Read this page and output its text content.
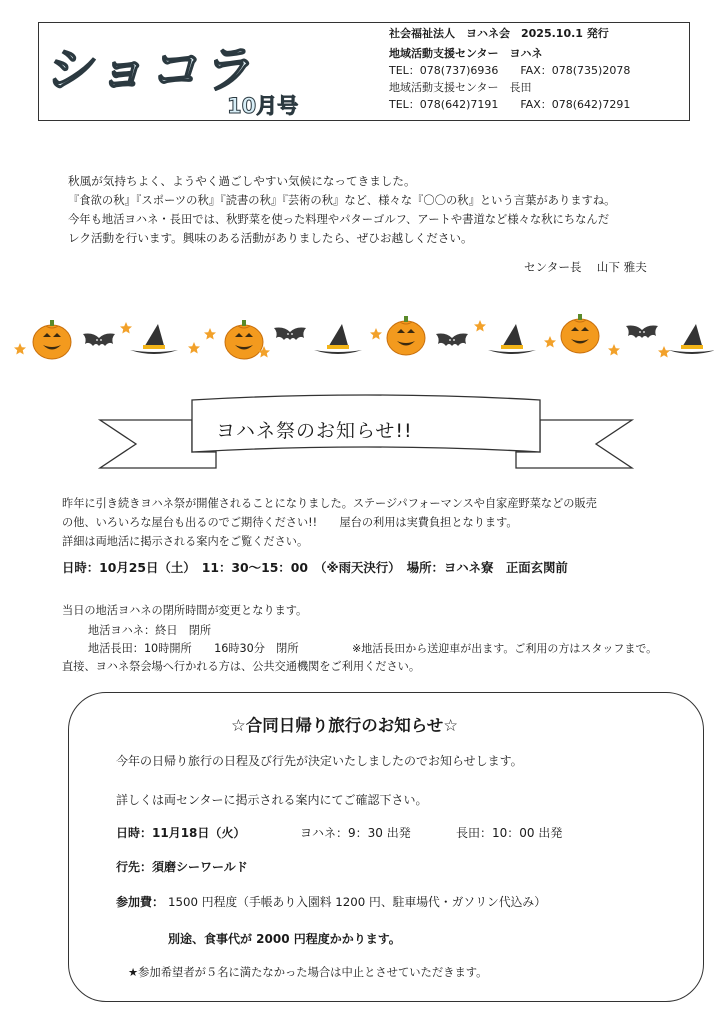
ショコラ
10月号
社会福祉法人　ヨハネ会　2025.10.1 発行
地域活動支援センター　ヨハネ
TEL：078(737)6936　　FAX：078(735)2078
地域活動支援センター　長田
TEL：078(642)7191　　FAX：078(642)7291
秋風が気持ちよく、ようやく過ごしやすい気候になってきました。
『食欲の秋』『スポーツの秋』『読書の秋』『芸術の秋』など、様々な『〇〇の秋』という言葉がありますね。
今年も地活ヨハネ・長田では、秋野菜を使った料理やパターゴルフ、アートや書道など様々な秋にちなんだ
レク活動を行います。興味のある活動がありましたら、ぜひお越しください。
センター長　 山下 雅夫
ヨハネ祭のお知らせ!!
昨年に引き続きヨハネ祭が開催されることになりました。ステージパフォーマンスや自家産野菜などの販売
の他、いろいろな屋台も出るのでご期待ください!!　　屋台の利用は実費負担となります。
詳細は両地活に掲示される案内をご覧ください。
日時：10月25日（土）　11：30〜15：00　（※雨天決行）　場所：ヨハネ寮　正面玄関前
当日の地活ヨハネの閉所時間が変更となります。
地活ヨハネ：終日　閉所
地活長田：10時開所　　16時30分　閉所	※地活長田から送迎車が出ます。ご利用の方はスタッフまで。
直接、ヨハネ祭会場へ行かれる方は、公共交通機関をご利用ください。
☆合同日帰り旅行のお知らせ☆
今年の日帰り旅行の日程及び行先が決定いたしましたのでお知らせします。
詳しくは両センターに掲示される案内にてご確認下さい。
日時：11月18日（火）	ヨハネ：9：30 出発	長田：10：00 出発
行先：須磨シーワールド
参加費： 1500 円程度（手帳あり入園料 1200 円、駐車場代・ガソリン代込み）
別途、食事代が 2000 円程度かかります。
★参加希望者が５名に満たなかった場合は中止とさせていただきます。
